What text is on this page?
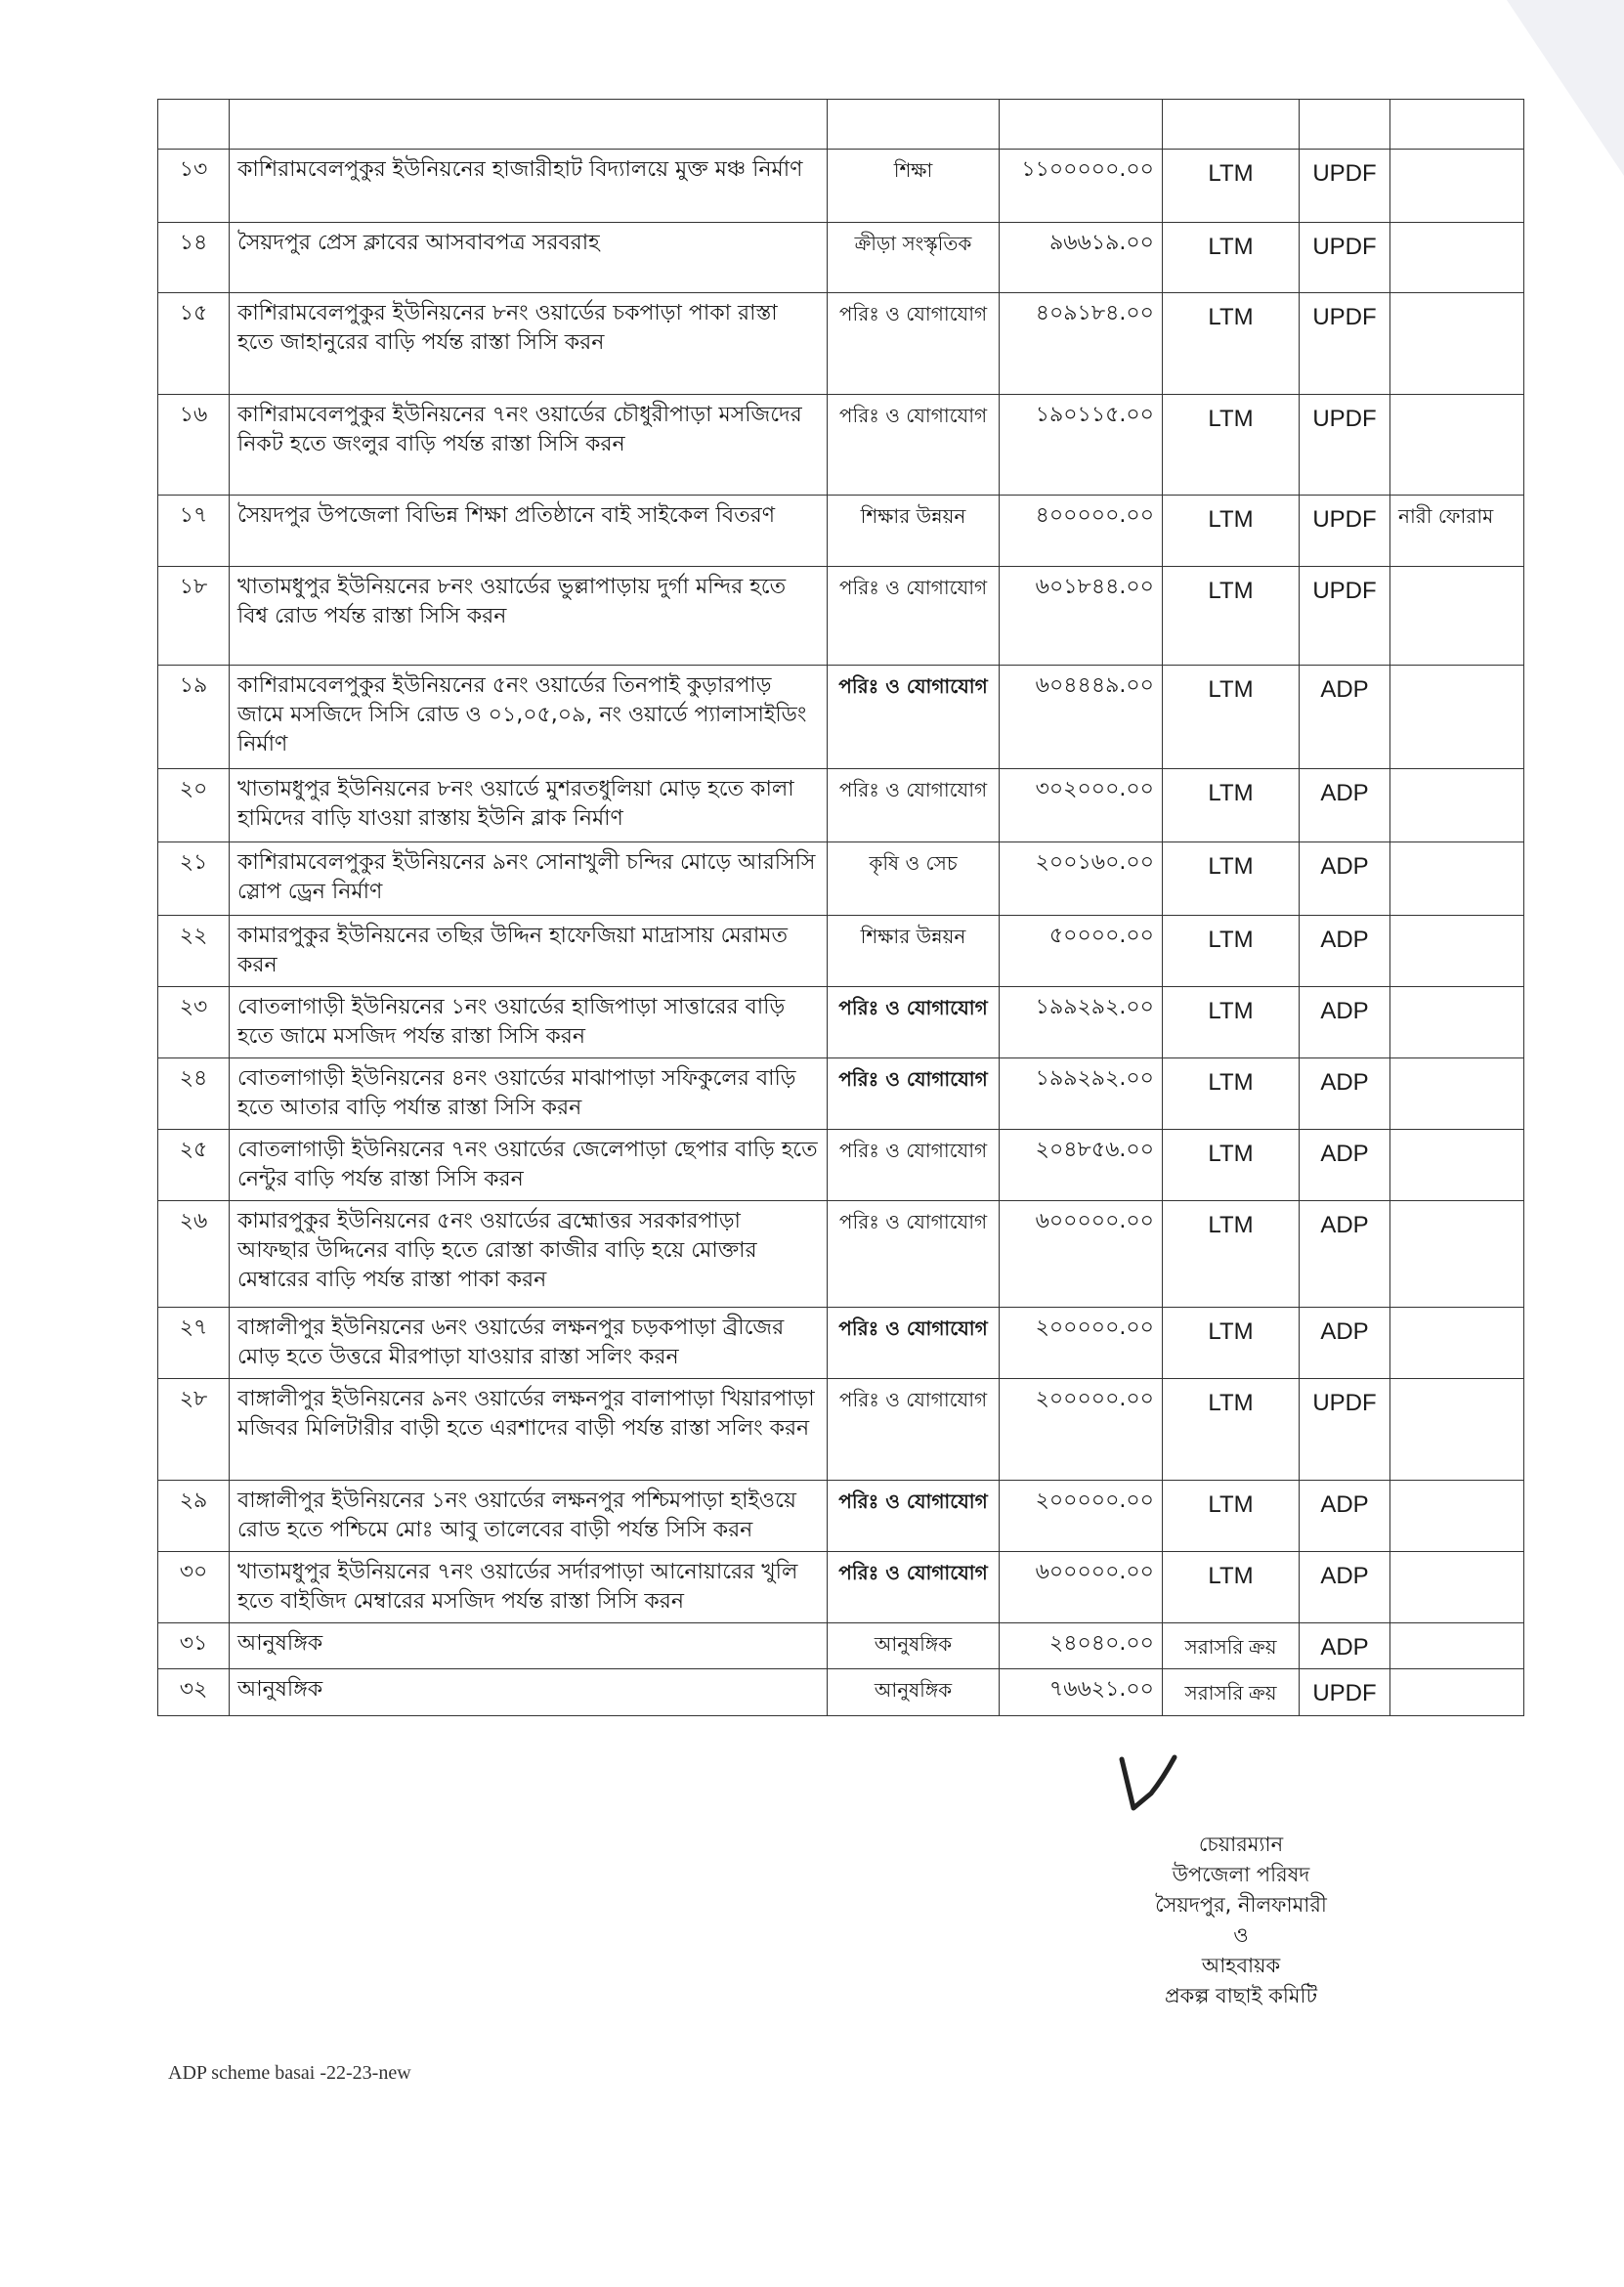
১৩	কাশিরামবেলপুকুর ইউনিয়নের হাজারীহাট বিদ্যালয়ে মুক্ত মঞ্চ নির্মাণ	শিক্ষা	১১০০০০০.০০	LTM	UPDF	
১৪	সৈয়দপুর প্রেস ক্লাবের আসবাবপত্র সরবরাহ	ক্রীড়া সংস্কৃতিক	৯৬৬১৯.০০	LTM	UPDF	
১৫	কাশিরামবেলপুকুর ইউনিয়নের ৮নং ওয়ার্ডের চকপাড়া পাকা রাস্তা হতে জাহানুরের বাড়ি পর্যন্ত রাস্তা সিসি করন	পরিঃ ও যোগাযোগ	৪০৯১৮৪.০০	LTM	UPDF	
১৬	কাশিরামবেলপুকুর ইউনিয়নের ৭নং ওয়ার্ডের চৌধুরীপাড়া মসজিদের নিকট হতে জংলুর বাড়ি পর্যন্ত রাস্তা সিসি করন	পরিঃ ও যোগাযোগ	১৯০১১৫.০০	LTM	UPDF	
১৭	সৈয়দপুর উপজেলা বিভিন্ন শিক্ষা প্রতিষ্ঠানে বাই সাইকেল বিতরণ	শিক্ষার উন্নয়ন	৪০০০০০.০০	LTM	UPDF	নারী ফোরাম
১৮	খাতামধুপুর ইউনিয়নের ৮নং ওয়ার্ডের ভুল্লাপাড়ায় দুর্গা মন্দির হতে বিশ্ব রোড পর্যন্ত রাস্তা সিসি করন	পরিঃ ও যোগাযোগ	৬০১৮৪৪.০০	LTM	UPDF	
১৯	কাশিরামবেলপুকুর ইউনিয়নের ৫নং ওয়ার্ডের তিনপাই কুড়ারপাড় জামে মসজিদে সিসি রোড ও ০১,০৫,০৯, নং ওয়ার্ডে প্যালাসাইডিং নির্মাণ	পরিঃ ও যোগাযোগ	৬০৪৪৪৯.০০	LTM	ADP	
২০	খাতামধুপুর ইউনিয়নের ৮নং ওয়ার্ডে মুশরতধুলিয়া মোড় হতে কালা হামিদের বাড়ি যাওয়া রাস্তায় ইউনি ব্লাক নির্মাণ	পরিঃ ও যোগাযোগ	৩০২০০০.০০	LTM	ADP	
২১	কাশিরামবেলপুকুর ইউনিয়নের ৯নং সোনাখুলী চন্দির মোড়ে আরসিসি স্লোপ ড্রেন নির্মাণ	কৃষি ও সেচ	২০০১৬০.০০	LTM	ADP	
২২	কামারপুকুর ইউনিয়নের তছির উদ্দিন হাফেজিয়া মাদ্রাসায় মেরামত করন	শিক্ষার উন্নয়ন	৫০০০০.০০	LTM	ADP	
২৩	বোতলাগাড়ী ইউনিয়নের ১নং ওয়ার্ডের হাজিপাড়া সাত্তারের বাড়ি হতে জামে মসজিদ পর্যন্ত রাস্তা সিসি করন	পরিঃ ও যোগাযোগ	১৯৯২৯২.০০	LTM	ADP	
২৪	বোতলাগাড়ী ইউনিয়নের ৪নং ওয়ার্ডের মাঝাপাড়া সফিকুলের বাড়ি হতে আতার বাড়ি পর্যান্ত রাস্তা সিসি করন	পরিঃ ও যোগাযোগ	১৯৯২৯২.০০	LTM	ADP	
২৫	বোতলাগাড়ী ইউনিয়নের ৭নং ওয়ার্ডের জেলেপাড়া ছেপার বাড়ি হতে নেন্টুর বাড়ি পর্যন্ত রাস্তা সিসি করন	পরিঃ ও যোগাযোগ	২০৪৮৫৬.০০	LTM	ADP	
২৬	কামারপুকুর ইউনিয়নের ৫নং ওয়ার্ডের ব্রহ্মোত্তর সরকারপাড়া আফছার উদ্দিনের বাড়ি হতে রোস্তা কাজীর বাড়ি হয়ে মোক্তার মেম্বারের বাড়ি পর্যন্ত রাস্তা পাকা করন	পরিঃ ও যোগাযোগ	৬০০০০০.০০	LTM	ADP	
২৭	বাঙ্গালীপুর ইউনিয়নের ৬নং ওয়ার্ডের লক্ষনপুর চড়কপাড়া ব্রীজের মোড় হতে উত্তরে মীরপাড়া যাওয়ার রাস্তা সলিং করন	পরিঃ ও যোগাযোগ	২০০০০০.০০	LTM	ADP	
২৮	বাঙ্গালীপুর ইউনিয়নের ৯নং ওয়ার্ডের লক্ষনপুর বালাপাড়া খিয়ারপাড়া মজিবর মিলিটারীর বাড়ী হতে এরশাদের বাড়ী পর্যন্ত রাস্তা সলিং করন	পরিঃ ও যোগাযোগ	২০০০০০.০০	LTM	UPDF	
২৯	বাঙ্গালীপুর ইউনিয়নের ১নং ওয়ার্ডের লক্ষনপুর পশ্চিমপাড়া হাইওয়ে রোড হতে পশ্চিমে মোঃ আবু তালেবের বাড়ী পর্যন্ত সিসি করন	পরিঃ ও যোগাযোগ	২০০০০০.০০	LTM	ADP	
৩০	খাতামধুপুর ইউনিয়নের ৭নং ওয়ার্ডের সর্দারপাড়া আনোয়ারের খুলি হতে বাইজিদ মেম্বারের মসজিদ পর্যন্ত রাস্তা সিসি করন	পরিঃ ও যোগাযোগ	৬০০০০০.০০	LTM	ADP	
৩১	আনুষঙ্গিক	আনুষঙ্গিক	২৪০৪০.০০	সরাসরি ক্রয়	ADP	
৩২	আনুষঙ্গিক	আনুষঙ্গিক	৭৬৬২১.০০	সরাসরি ক্রয়	UPDF	
চেয়ারম্যান
উপজেলা পরিষদ
সৈয়দপুর, নীলফামারী
ও
আহবায়ক
প্রকল্প বাছাই কমিটি
ADP scheme basai -22-23-new
